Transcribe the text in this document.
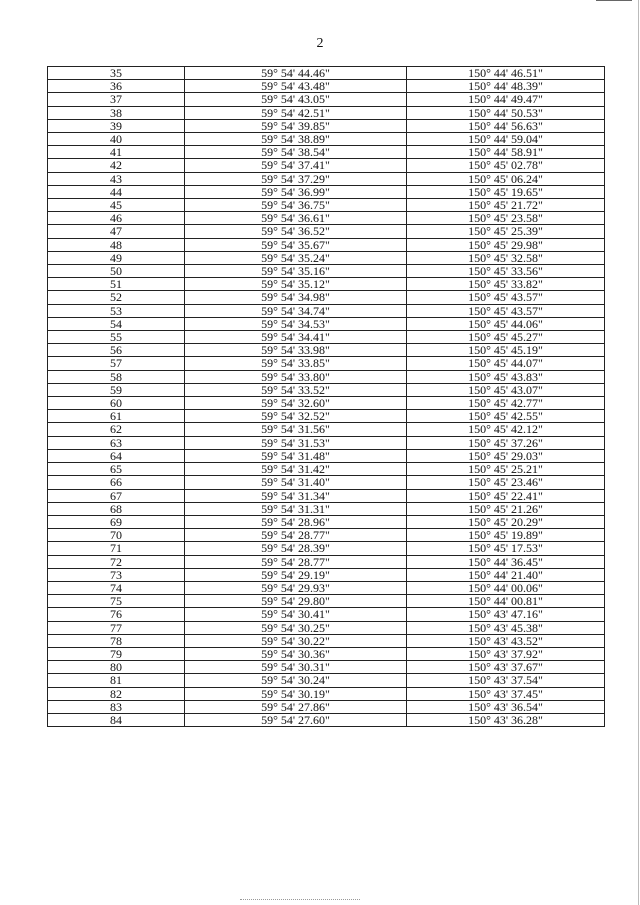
2
35	59° 54' 44.46"	150° 44' 46.51"
36	59° 54' 43.48"	150° 44' 48.39"
37	59° 54' 43.05"	150° 44' 49.47"
38	59° 54' 42.51"	150° 44' 50.53"
39	59° 54' 39.85"	150° 44' 56.63"
40	59° 54' 38.89"	150° 44' 59.04"
41	59° 54' 38.54"	150° 44' 58.91"
42	59° 54' 37.41"	150° 45' 02.78"
43	59° 54' 37.29"	150° 45' 06.24"
44	59° 54' 36.99"	150° 45' 19.65"
45	59° 54' 36.75"	150° 45' 21.72"
46	59° 54' 36.61"	150° 45' 23.58"
47	59° 54' 36.52"	150° 45' 25.39"
48	59° 54' 35.67"	150° 45' 29.98"
49	59° 54' 35.24"	150° 45' 32.58"
50	59° 54' 35.16"	150° 45' 33.56"
51	59° 54' 35.12"	150° 45' 33.82"
52	59° 54' 34.98"	150° 45' 43.57"
53	59° 54' 34.74"	150° 45' 43.57"
54	59° 54' 34.53"	150° 45' 44.06"
55	59° 54' 34.41"	150° 45' 45.27"
56	59° 54' 33.98"	150° 45' 45.19"
57	59° 54' 33.85"	150° 45' 44.07"
58	59° 54' 33.80"	150° 45' 43.83"
59	59° 54' 33.52"	150° 45' 43.07"
60	59° 54' 32.60"	150° 45' 42.77"
61	59° 54' 32.52"	150° 45' 42.55"
62	59° 54' 31.56"	150° 45' 42.12"
63	59° 54' 31.53"	150° 45' 37.26"
64	59° 54' 31.48"	150° 45' 29.03"
65	59° 54' 31.42"	150° 45' 25.21"
66	59° 54' 31.40"	150° 45' 23.46"
67	59° 54' 31.34"	150° 45' 22.41"
68	59° 54' 31.31"	150° 45' 21.26"
69	59° 54' 28.96"	150° 45' 20.29"
70	59° 54' 28.77"	150° 45' 19.89"
71	59° 54' 28.39"	150° 45' 17.53"
72	59° 54' 28.77"	150° 44' 36.45"
73	59° 54' 29.19"	150° 44' 21.40"
74	59° 54' 29.93"	150° 44' 00.06"
75	59° 54' 29.80"	150° 44' 00.81"
76	59° 54' 30.41"	150° 43' 47.16"
77	59° 54' 30.25"	150° 43' 45.38"
78	59° 54' 30.22"	150° 43' 43.52"
79	59° 54' 30.36"	150° 43' 37.92"
80	59° 54' 30.31"	150° 43' 37.67"
81	59° 54' 30.24"	150° 43' 37.54"
82	59° 54' 30.19"	150° 43' 37.45"
83	59° 54' 27.86"	150° 43' 36.54"
84	59° 54' 27.60"	150° 43' 36.28"
